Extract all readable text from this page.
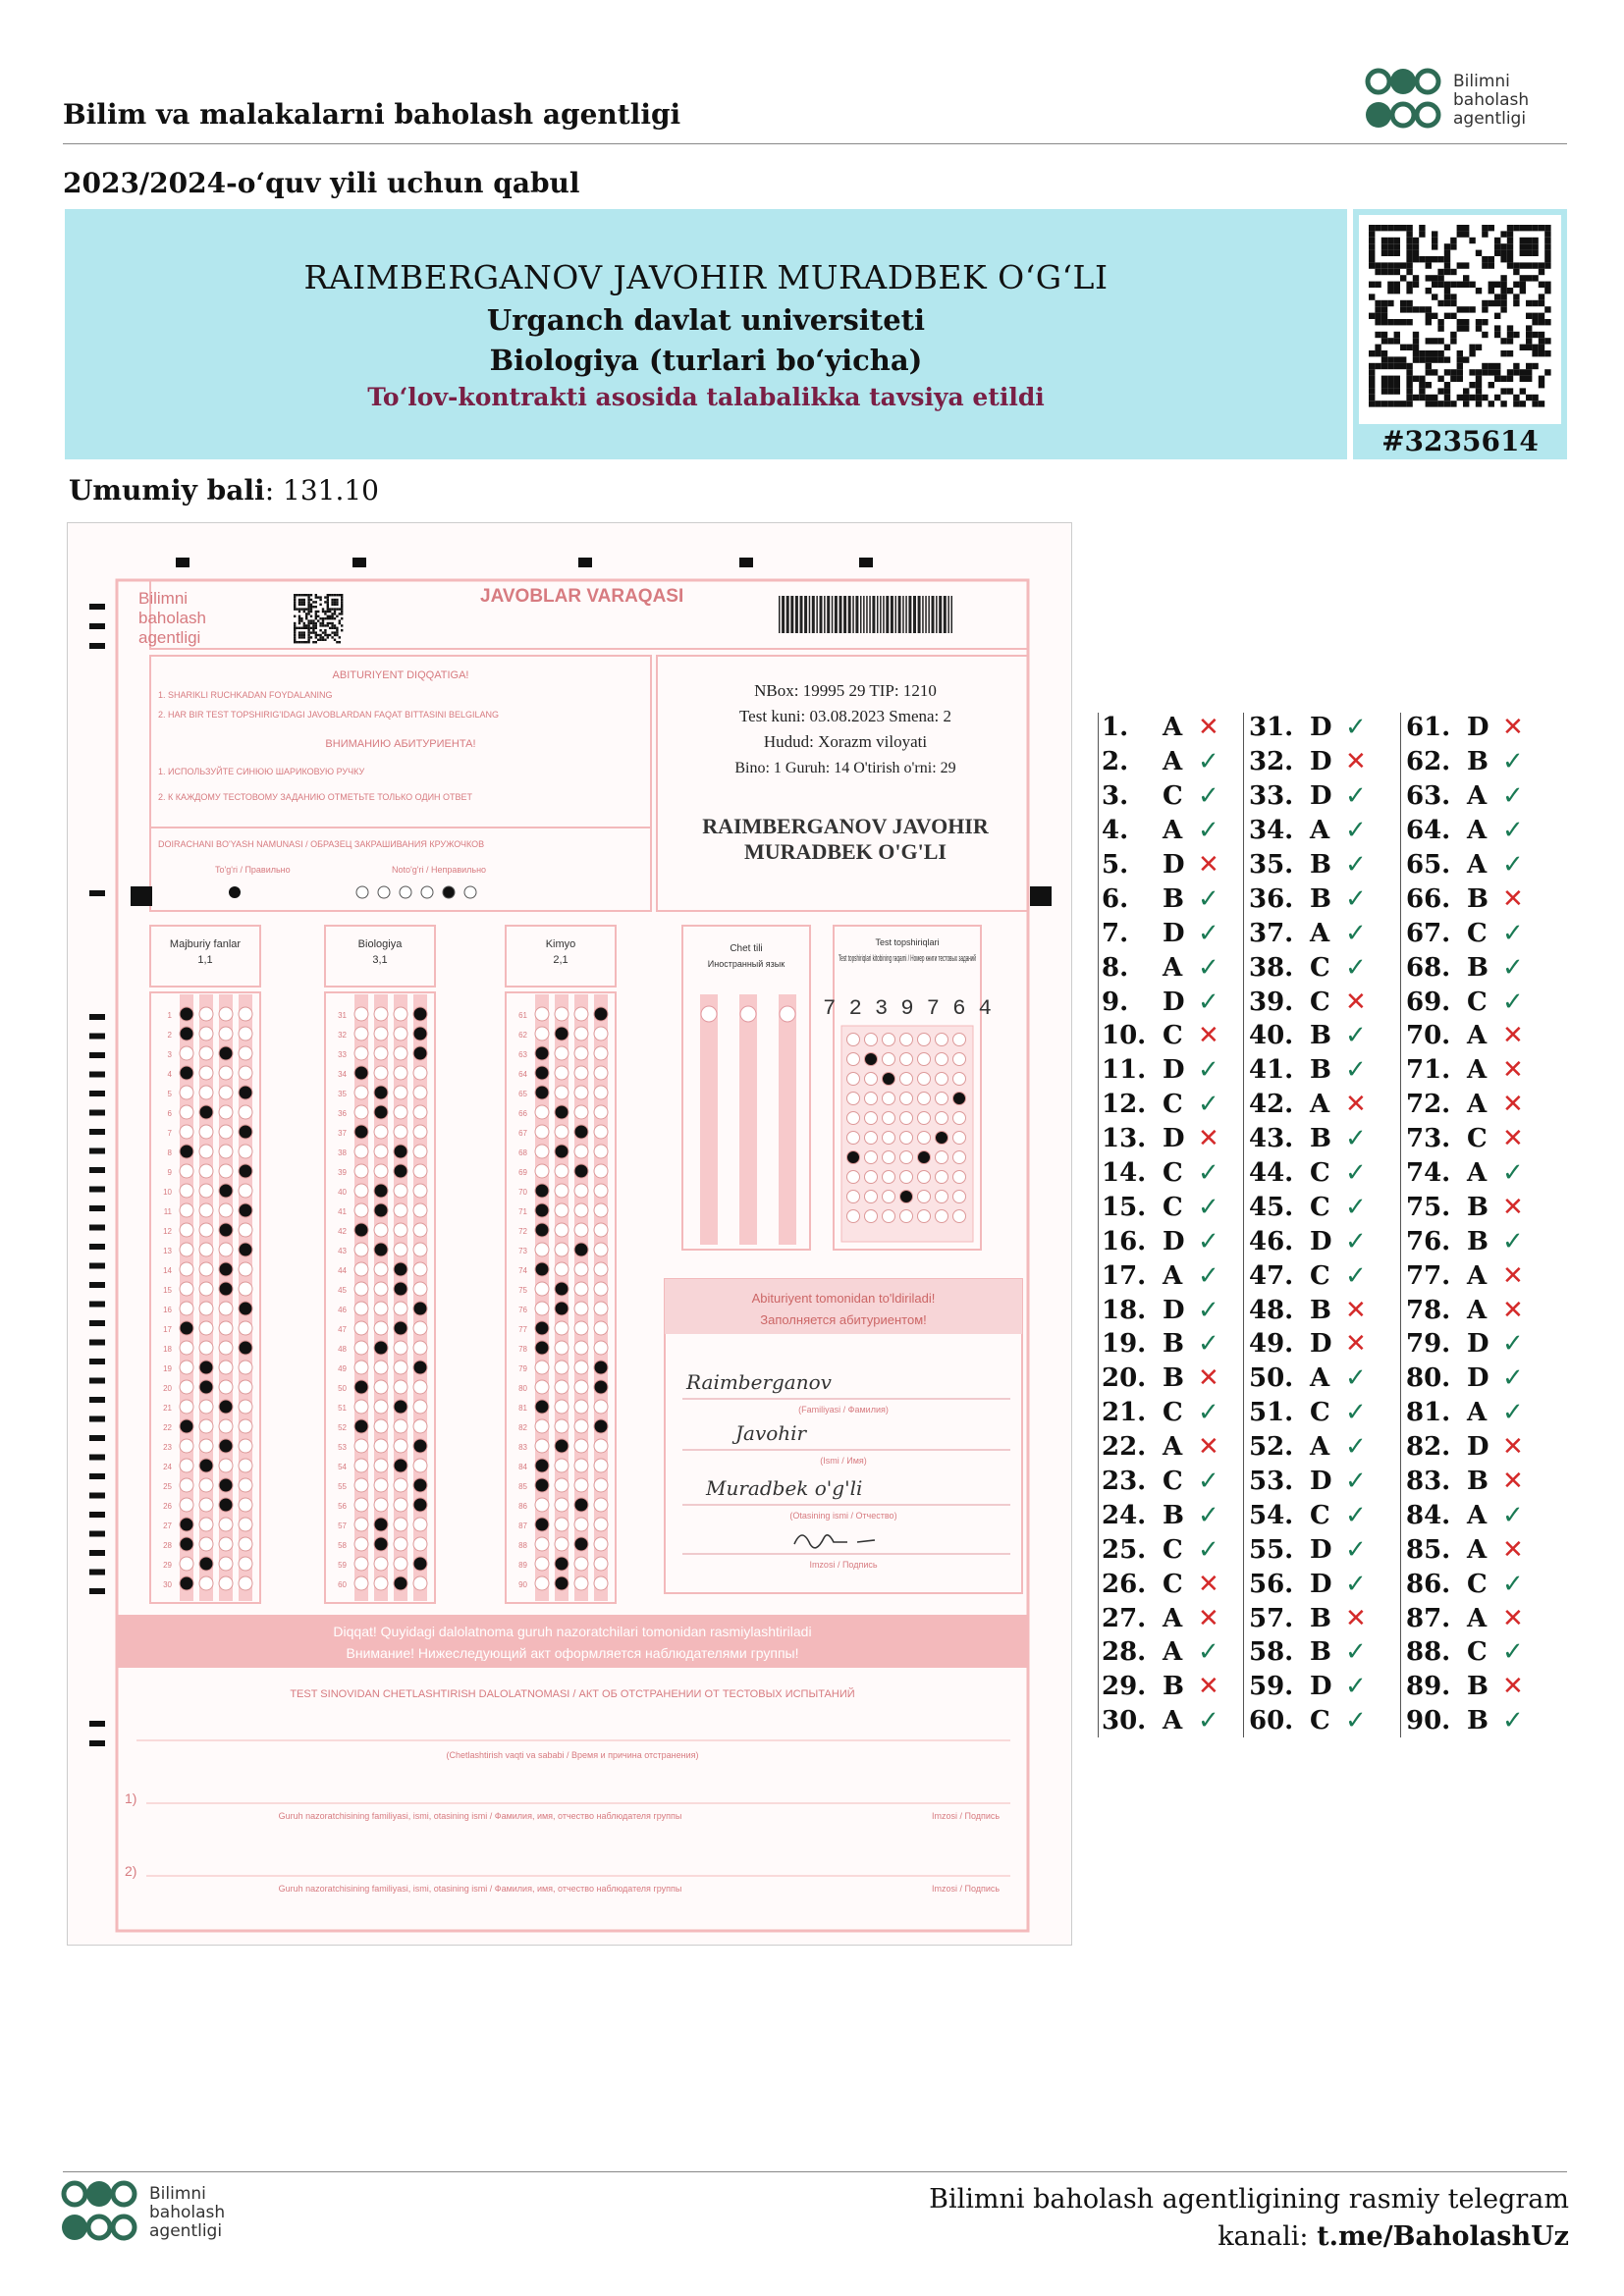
Bilim va malakalarni baholash agentligi
Bilimni
baholash
agentligi
2023/2024-o‘quv yili uchun qabul
RAIMBERGANOV JAVOHIR MURADBEK O‘G‘LI
Urganch davlat universiteti
Biologiya (turlari bo‘yicha)
To‘lov-kontrakti asosida talabalikka tavsiya etildi
#3235614
Umumiy bali: 131.10
Bilimni
baholash
agentligi
JAVOBLAR VARAQASI
ABITURIYENT DIQQATIGA!
1. SHARIKLI RUCHKADAN FOYDALANING
2. HAR BIR TEST TOPSHIRIG'IDAGI JAVOBLARDAN FAQAT BITTASINI BELGILANG
ВНИМАНИЮ АБИТУРИЕНТА!
1. ИСПОЛЬЗУЙТЕ СИНЮЮ ШАРИКОВУЮ РУЧКУ
2. К КАЖДОМУ ТЕСТОВОМУ ЗАДАНИЮ ОТМЕТЬТЕ ТОЛЬКО ОДИН ОТВЕТ
DOIRACHANI BO'YASH NAMUNASI / ОБРАЗЕЦ ЗАКРАШИВАНИЯ КРУЖОЧКОВ
To'g'ri / Правильно	Noto'g'ri / Неправильно
NBox: 19995 29 TIP: 1210
Test kuni: 03.08.2023 Smena: 2
Hudud: Xorazm viloyati
Bino: 1 Guruh: 14 O'tirish o'rni: 29
RAIMBERGANOV JAVOHIR
MURADBEK O'G'LI
Majburiy fanlar
1,1
Biologiya
3,1
Kimyo
2,1
1
2
3
4
5
6
7
8
9
10
11
12
13
14
15
16
17
18
19
20
21
22
23
24
25
26
27
28
29
30
31
32
33
34
35
36
37
38
39
40
41
42
43
44
45
46
47
48
49
50
51
52
53
54
55
56
57
58
59
60
61
62
63
64
65
66
67
68
69
70
71
72
73
74
75
76
77
78
79
80
81
82
83
84
85
86
87
88
89
90
Chet tili
Иностранный язык
Test topshiriqlari
Test topshiriqlari kitobining raqami / Номер книги тестовых заданий
7 2 3 9 7 6 4
Abituriyent tomonidan to'ldiriladi!
Заполняется абитуриентом!
Raimberganov
(Familiyasi / Фамилия)
Javohir
(Ismi / Имя)
Muradbek o'g'li
(Otasining ismi / Отчество)
Imzosi / Подпись
Diqqat! Quyidagi dalolatnoma guruh nazoratchilari tomonidan rasmiylashtiriladi
Внимание! Нижеследующий акт оформляется наблюдателями группы!
TEST SINOVIDAN CHETLASHTIRISH DALOLATNOMASI / АКТ ОБ ОТСТРАНЕНИИ ОТ ТЕСТОВЫХ ИСПЫТАНИЙ
(Chetlashtirish vaqti va sababi / Время и причина отстранения)
1)
Guruh nazoratchisining familiyasi, ismi, otasining ismi / Фамилия, имя, отчество наблюдателя группы	Imzosi / Подпись
2)
Guruh nazoratchisining familiyasi, ismi, otasining ismi / Фамилия, имя, отчество наблюдателя группы	Imzosi / Подпись
1.	A ✕
2.	A ✓
3.	C ✓
4.	A ✓
5.	D ✕
6.	B ✓
7.	D ✓
8.	A ✓
9.	D ✓
10. C ✕
11. D ✓
12. C ✓
13. D ✕
14. C ✓
15. C ✓
16. D ✓
17. A ✓
18. D ✓
19. B ✓
20. B ✕
21. C ✓
22. A ✕
23. C ✓
24. B ✓
25. C ✓
26. C ✕
27. A ✕
28. A ✓
29. B ✕
30. A ✓
31. D ✓
32. D ✕
33. D ✓
34. A ✓
35. B ✓
36. B ✓
37. A ✓
38. C ✓
39. C ✕
40. B ✓
41. B ✓
42. A ✕
43. B ✓
44. C ✓
45. C ✓
46. D ✓
47. C ✓
48. B ✕
49. D ✕
50. A ✓
51. C ✓
52. A ✓
53. D ✓
54. C ✓
55. D ✓
56. D ✓
57. B ✕
58. B ✓
59. D ✓
60. C ✓
61. D ✕
62. B ✓
63. A ✓
64. A ✓
65. A ✓
66. B ✕
67. C ✓
68. B ✓
69. C ✓
70. A ✕
71. A ✕
72. A ✕
73. C ✕
74. A ✓
75. B ✕
76. B ✓
77. A ✕
78. A ✕
79. D ✓
80. D ✓
81. A ✓
82. D ✕
83. B ✕
84. A ✓
85. A ✕
86. C ✓
87. A ✕
88. C ✓
89. B ✕
90. B ✓
Bilimni
baholash
agentligi
Bilimni baholash agentligining rasmiy telegram
kanali: t.me/BaholashUz
